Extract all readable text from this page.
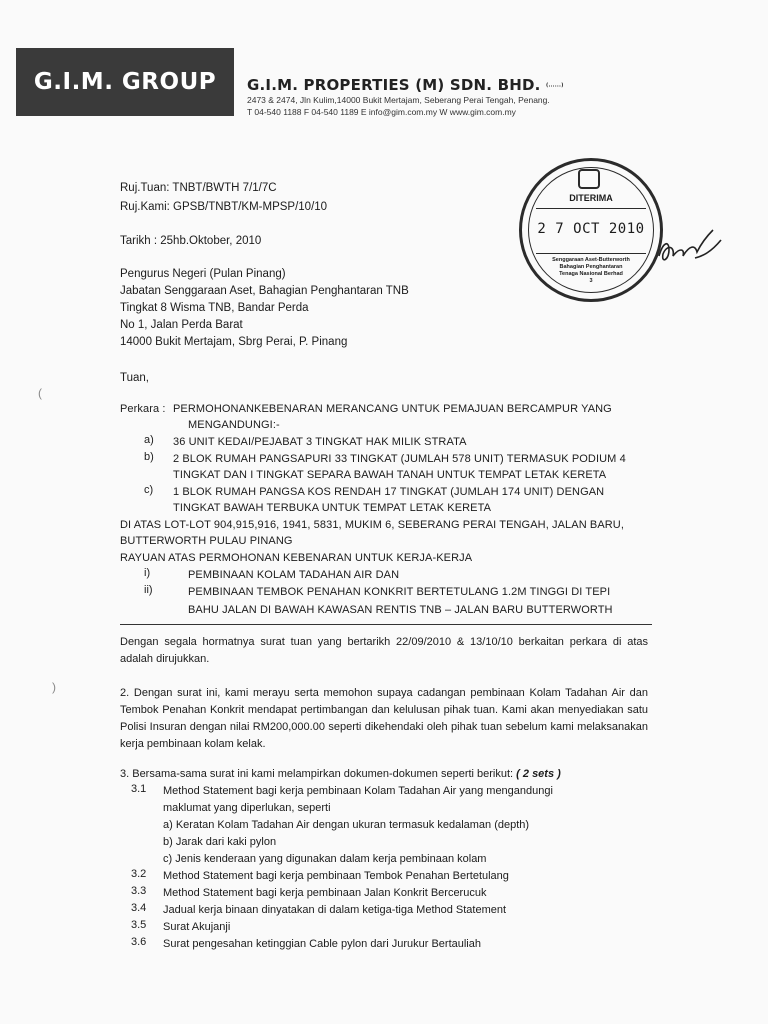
G.I.M. GROUP G.I.M. PROPERTIES (M) SDN. BHD. (......)
2473 & 2474, Jln Kulim,14000 Bukit Mertajam, Seberang Perai Tengah, Penang.
T 04-540 1188 F 04-540 1189 E info@gim.com.my W www.gim.com.my
DITERIMA
2 7 OCT 2010
Senggaraan Aset-Butterworth
Bahagian Penghantaran
Tenaga Nasional Berhad
3
Ruj.Tuan: TNBT/BWTH 7/1/7C
Ruj.Kami: GPSB/TNBT/KM-MPSP/10/10
Tarikh : 25hb.Oktober, 2010
Pengurus Negeri (Pulan Pinang)
Jabatan Senggaraan Aset, Bahagian Penghantaran TNB
Tingkat 8 Wisma TNB, Bandar Perda
No 1, Jalan Perda Barat
14000 Bukit Mertajam, Sbrg Perai, P. Pinang
Tuan,
(
Perkara : PERMOHONANKEBENARAN MERANCANG UNTUK PEMAJUAN BERCAMPUR YANG
MENGANDUNGI:-
a) 36 UNIT KEDAI/PEJABAT 3 TINGKAT HAK MILIK STRATA
b) 2 BLOK RUMAH PANGSAPURI 33 TINGKAT (JUMLAH 578 UNIT) TERMASUK PODIUM 4
TINGKAT DAN I TINGKAT SEPARA BAWAH TANAH UNTUK TEMPAT LETAK KERETA
c) 1 BLOK RUMAH PANGSA KOS RENDAH 17 TINGKAT (JUMLAH 174 UNIT) DENGAN
TINGKAT BAWAH TERBUKA UNTUK TEMPAT LETAK KERETA
DI ATAS LOT-LOT 904,915,916, 1941, 5831, MUKIM 6, SEBERANG PERAI TENGAH, JALAN BARU,
BUTTERWORTH PULAU PINANG
RAYUAN ATAS PERMOHONAN KEBENARAN UNTUK KERJA-KERJA
i)	PEMBINAAN KOLAM TADAHAN AIR DAN
ii)	PEMBINAAN TEMBOK PENAHAN KONKRIT BERTETULANG 1.2M TINGGI DI TEPI
BAHU JALAN DI BAWAH KAWASAN RENTIS TNB – JALAN BARU BUTTERWORTH
Dengan segala hormatnya surat tuan yang bertarikh 22/09/2010 & 13/10/10 berkaitan perkara di atas adalah dirujukkan.
)	2. Dengan surat ini, kami merayu serta memohon supaya cadangan pembinaan Kolam Tadahan Air dan Tembok Penahan Konkrit mendapat pertimbangan dan kelulusan pihak tuan. Kami akan menyediakan satu Polisi Insuran dengan nilai RM200,000.00 seperti dikehendaki oleh pihak tuan sebelum kami melaksanakan kerja pembinaan kolam kelak.
3. Bersama-sama surat ini kami melampirkan dokumen-dokumen seperti berikut: ( 2 sets )
3.1 Method Statement bagi kerja pembinaan Kolam Tadahan Air yang mengandungi
maklumat yang diperlukan, seperti
a) Keratan Kolam Tadahan Air dengan ukuran termasuk kedalaman (depth)
b) Jarak dari kaki pylon
c) Jenis kenderaan yang digunakan dalam kerja pembinaan kolam
3.2 Method Statement bagi kerja pembinaan Tembok Penahan Bertetulang
3.3 Method Statement bagi kerja pembinaan Jalan Konkrit Bercerucuk
3.4 Jadual kerja binaan dinyatakan di dalam ketiga-tiga Method Statement
3.5 Surat Akujanji
3.6 Surat pengesahan ketinggian Cable pylon dari Jurukur Bertauliah
